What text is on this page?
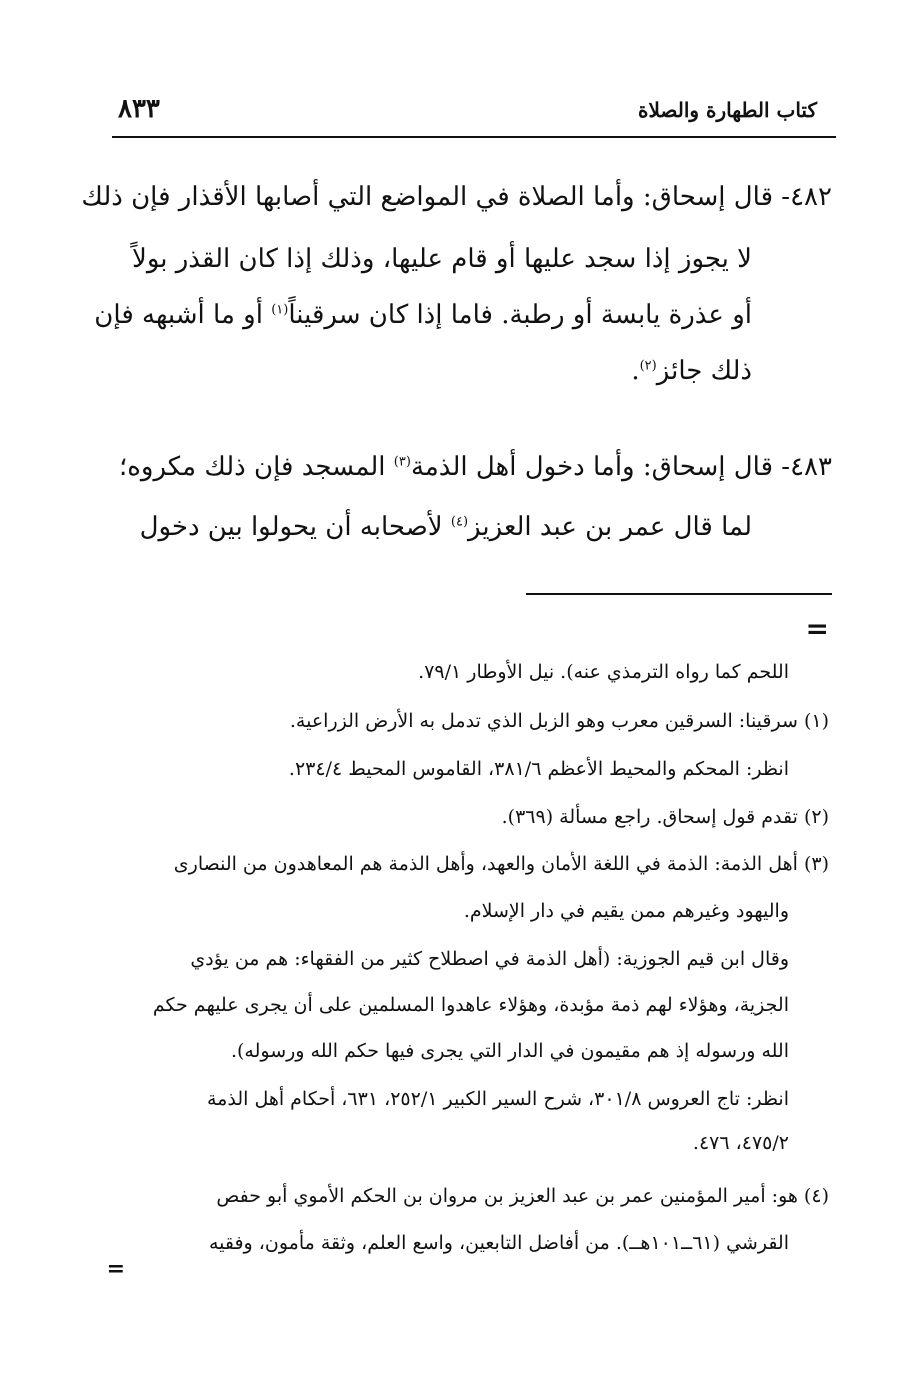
كتاب الطهارة والصلاة
٨٣٣
٤٨٢- قال إسحاق: وأما الصلاة في المواضع التي أصابها الأقذار فإن ذلك
لا يجوز إذا سجد عليها أو قام عليها، وذلك إذا كان القذر بولاً
أو عذرة يابسة أو رطبة. فاما إذا كان سرقيناً$^{(١)}$ أو ما أشبهه فإن
ذلك جائز$^{(٢)}$.
٤٨٣- قال إسحاق: وأما دخول أهل الذمة$^{(٣)}$ المسجد فإن ذلك مكروه؛
لما قال عمر بن عبد العزيز$^{(٤)}$ لأصحابه أن يحولوا بين دخول
=
اللحم كما رواه الترمذي عنه). نيل الأوطار ٧٩/١.
(١) سرقينا: السرقين معرب وهو الزبل الذي تدمل به الأرض الزراعية.
انظر: المحكم والمحيط الأعظم ٣٨١/٦، القاموس المحيط ٢٣٤/٤.
(٢) تقدم قول إسحاق. راجع مسألة (٣٦٩).
(٣) أهل الذمة: الذمة في اللغة الأمان والعهد، وأهل الذمة هم المعاهدون من النصارى
واليهود وغيرهم ممن يقيم في دار الإسلام.
وقال ابن قيم الجوزية: (أهل الذمة في اصطلاح كثير من الفقهاء: هم من يؤدي
الجزية، وهؤلاء لهم ذمة مؤبدة، وهؤلاء عاهدوا المسلمين على أن يجرى عليهم حكم
الله ورسوله إذ هم مقيمون في الدار التي يجرى فيها حكم الله ورسوله).
انظر: تاج العروس ٣٠١/٨، شرح السير الكبير ٢٥٢/١، ٦٣١، أحكام أهل الذمة
٤٧٥/٢، ٤٧٦.
(٤) هو: أمير المؤمنين عمر بن عبد العزيز بن مروان بن الحكم الأموي أبو حفص
القرشي (٦١ــ١٠١هــ). من أفاضل التابعين، واسع العلم، وثقة مأمون، وفقيه
=
